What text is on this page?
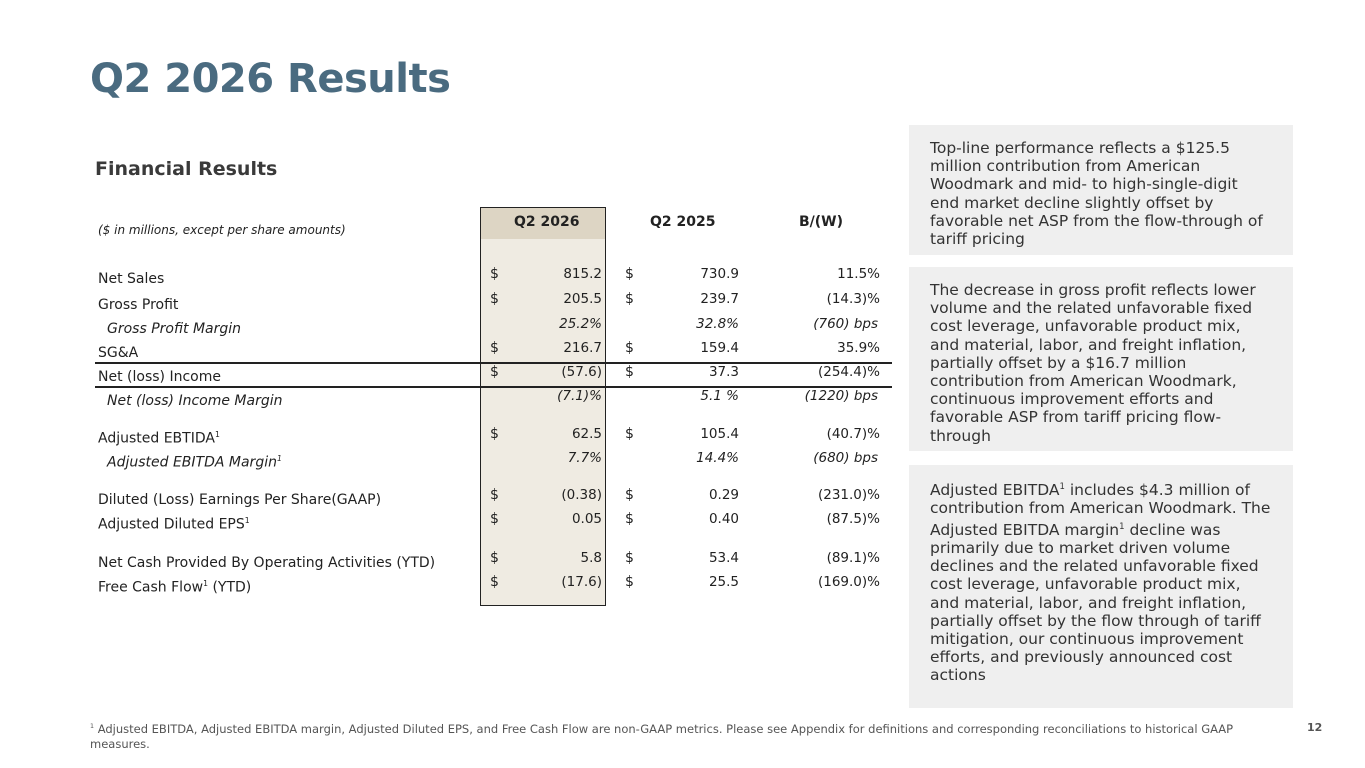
Q2 2026 Results
Financial Results
($ in millions, except per share amounts)	Q2 2026	Q2 2025	B/(W)
Net Sales	$	815.2 $	730.9	11.5%
Gross Profit	$	205.5 $	239.7	(14.3)%
Gross Profit Margin	25.2%	32.8%	(760) bps
SG&A	$	216.7 $	159.4	35.9%
Net (loss) Income	$	(57.6) $	37.3	(254.4)%
Net (loss) Income Margin	(7.1)%	5.1 %	(1220) bps
Adjusted EBTIDA$^1$	$	62.5 $	105.4	(40.7)%
Adjusted EBITDA Margin$^1$	7.7%	14.4%	(680) bps
Diluted (Loss) Earnings Per Share(GAAP)	$	(0.38) $	0.29	(231.0)%
Adjusted Diluted EPS$^1$	$	0.05 $	0.40	(87.5)%
Net Cash Provided By Operating Activities (YTD)	$	5.8 $	53.4	(89.1)%
Free Cash Flow$^1$ (YTD)	$	(17.6) $	25.5	(169.0)%
Top-line performance reflects a $125.5 million contribution from American Woodmark and mid- to high-single-digit end market decline slightly offset by favorable net ASP from the flow-through of tariff pricing
The decrease in gross profit reflects lower volume and the related unfavorable fixed cost leverage, unfavorable product mix, and material, labor, and freight inflation, partially offset by a $16.7 million contribution from American Woodmark, continuous improvement efforts and favorable ASP from tariff pricing flow-through
Adjusted EBITDA$^1$ includes $4.3 million of contribution from American Woodmark. The Adjusted EBITDA margin$^1$ decline was primarily due to market driven volume declines and the related unfavorable fixed cost leverage, unfavorable product mix, and material, labor, and freight inflation, partially offset by the flow through of tariff mitigation, our continuous improvement efforts, and previously announced cost actions
$^1$ Adjusted EBITDA, Adjusted EBITDA margin, Adjusted Diluted EPS, and Free Cash Flow are non-GAAP metrics. Please see Appendix for definitions and corresponding reconciliations to historical GAAP measures.
12
